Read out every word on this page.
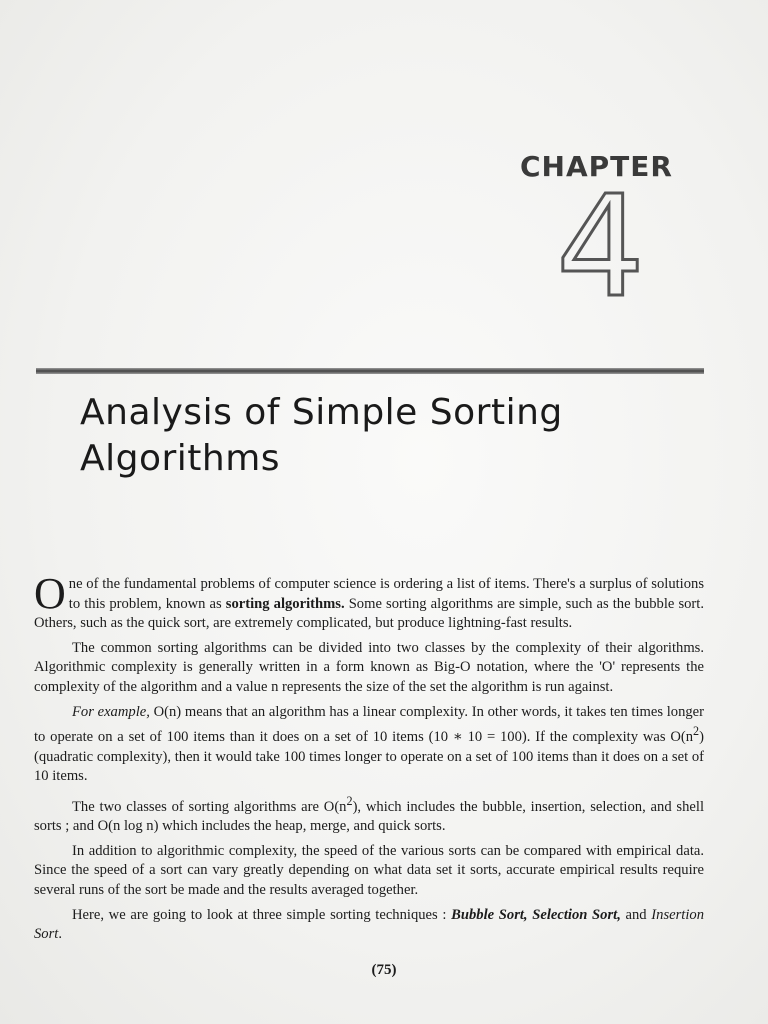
CHAPTER
4
Analysis of Simple Sorting
Algorithms

One of the fundamental problems of computer science is ordering a list of items. There's a surplus of solutions to this problem, known as sorting algorithms. Some sorting algorithms are simple, such as the bubble sort. Others, such as the quick sort, are extremely complicated, but produce lightning-fast results.

The common sorting algorithms can be divided into two classes by the complexity of their algorithms. Algorithmic complexity is generally written in a form known as Big-O notation, where the 'O' represents the complexity of the algorithm and a value n represents the size of the set the algorithm is run against.

For example, O(n) means that an algorithm has a linear complexity. In other words, it takes ten times longer to operate on a set of 100 items than it does on a set of 10 items (10 ∗ 10 = 100). If the complexity was $O(n^2)$ (quadratic complexity), then it would take 100 times longer to operate on a set of 100 items than it does on a set of 10 items.

The two classes of sorting algorithms are $O(n^2)$, which includes the bubble, insertion, selection, and shell sorts ; and O(n log n) which includes the heap, merge, and quick sorts.

In addition to algorithmic complexity, the speed of the various sorts can be compared with empirical data. Since the speed of a sort can vary greatly depending on what data set it sorts, accurate empirical results require several runs of the sort be made and the results averaged together.

Here, we are going to look at three simple sorting techniques : Bubble Sort, Selection Sort, and Insertion Sort.

(75)
